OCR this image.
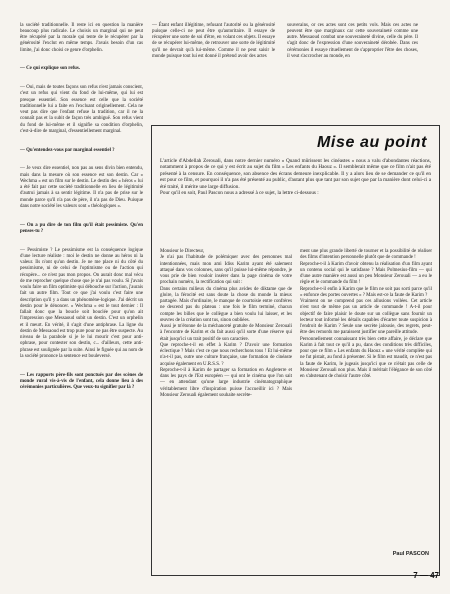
la société traditionnelle. Il reste ici en question la manière beaucoup plus radicale. Le choisis un marginal qui ne peut être récupéré par la morale qui tente de le récupérer par la générosité l'exclut en même temps. J'avais besoin d'un cas limite, j'ai donc choisi ce genre d'orphelin.

— Ce qui explique son refus.

— Oui, mais de toutes façons son refus n'est jamais conscient, c'est un refus qui vient du fond de lui-même, qui lui est presque essentiel. Son essence est celle que la société traditionnelle lui a faite en l'excluant originellement. Cela ne veut pas dire que l'enfant refuse la tradition, car il ne la connaît pas et la subit de façon très ambiguë. Son refus vient du fond de lui-même et il signifie sa condition d'orphelin, c'est-à-dire de marginal, d'essentiellement marginal.

— Qu'entendez-vous par marginal essentiel ?

— Je veux dire essentiel, non pas au sens divin bien entendu, mais dans la mesure où son essence est son destin. Car « Wechma » est un film sur le destin. Le destin des « héros » lui a été fait par cette société traditionnelle en lieu de légitimité d'autrui jamais à sa sentir légitime. Il n'a pas de prise sur le monde parce qu'il n'a pas de père, il n'a pas de Dieu. Puisque dans notre société les valeurs sont « théologiques ».

— On a pu dire de ton film qu'il était pessimiste. Qu'en penses-tu ?

— Pessimiste ? Le pessimisme est la conséquence logique d'une lecture réaliste : moi le destin ne donne au héros ni la valeur. Ils n'ont qu'un destin. Je ne me place ni du côté du pessimisme, ni de celui de l'optimisme ou de l'action qui récupère... ce n'est pas mon propos. On aurait donc mal vécu de me reprocher quelque chose que je n'ai pas voulu. Si j'avais voulu faire un film optimiste qui débouche sur l'action, j'aurais fait un autre film. Tout ce que j'ai voulu c'est faire une description qu'il y a dans un phénomène-logique. J'ai décrit un destin pour le dénoncer. « Wechma » est le tout dernier : Il fallait donc que la boucle soit bouclée pour qu'on ait l'impression que Messaoud subit un destin. C'est un orphelin et il meurt. En vérité, il s'agit d'une antiphrase. La ligne du destin de Messaoud est trop pure pour ne pas être suspecte. Au niveau de la parabole si je le lui mourir c'est pour anti-ophrase, pour contester son destin, c... d'ailleurs, cette anti-phrase est soulignée par la suite. Ainsi le figuée qui au nom de la société prononce la sentence est bouleversé.

— Les rapports père-fils sont ponctués par des scènes de monde rural vis-à-vis de l'enfant, cela donne lieu à des cérémonies particulières. Que veux-tu signifier par là ?

— Étant enfant illégitime, refusant l'autorité ou la générosité puisque celle-ci ne peut être qu'autoritaire. Il essaye de récupérer une sorte de soi d'être, en volant ces objets. Il essaye de se récupérer lui-même, de retrouver une sorte de légitimité qu'il ne devrait qu'à lui-même. Comme il ne peut saisir le monde puisque tout lui est donné il prétend avoir des actes

souverains, or ces actes sont ces petits vols. Mais ces actes ne peuvent être que marginaux car cette souveraineté comme une autre. Messaoud combat une souveraineté divine, celle du père. Il s'agit donc de l'expression d'une souveraineté dérobée. Dans ces cérémonies il essaye rituellement de s'approprier l'être des choses, il veut s'accrocher au monde, en

Mise au point
L'article d'Abdellah Zerouali, dans notre dernier numéro « Quand mûrissent les cinéastes » nous a valu d'abondantes réactions, notamment à propos de ce qui y est écrit au sujet du film « Les enfants du Haouz ». Il semblerait même que ce film n'ait pas été présenté à la censure. En conséquence, son absence des écrans demeure inexplicable. Il y a alors lieu de se demander ce qu'il en est pour ce film, et pourquoi il n'a pas été présenté au public, d'autant plus que tant par son sujet que par la manière dont celui-ci a été traité, il mérite une large diffusion.
Pour qu'il en soit, Paul Pascon nous a adressé à ce sujet, la lettre ci-dessous :
Monsieur le Directeur,
Je n'ai pas l'habitude de polémiquer avec des personnes mal intentionnées, mais mon ami Idiss Karim ayant été salement attaqué dans vos colonnes, sans qu'il puisse lui-même répondre, je vous prie de bien vouloir insérer dans la page cinéma de votre prochain numéro, la rectification qui suit :
Dans certains milieux du cinéma plus avides de diktame que de gloire, la férocité est sans doute la chose du monde la mieux partagée. Mais d'ordinaire, le manque de courtoisie entre confrères ne descend pas du plateau : une fois le film terminé, chacun compte les billes que le collègue a bien voulu lui laisser, et les œuvres de la création sont tus, sinon oubliées.
Aussi je m'étonne de la méchanceté gratuite de Monsieur Zerouali à l'encontre de Karim et du fait aussi qu'il sorte d'une réserve qui était jusqu'ici un trait positif de son caractère.
Que reproche-t-il en effet à Karim ? D'avoir une formation éclectique ? Mais c'est ce que nous recherchons tous ! Et lui-même n'a-t-il pas, outre une culture française, une formation de cinéaste acquise également en U.R.S.S. ?
Reproche-t-il à Karim de partager sa formation en Angleterre et dans les pays de l'Est européen — qui ont le cinéma que l'on sait — en attendant qu'une large industrie cinématographique véritablement libre d'inspiration puisse l'accueillir ici ? Mais Monsieur Zerouali également souhaite secrète-
ment une plus grande liberté de tourner et la possibilité de réaliser des films d'intention personnelle plutôt que de commande !
Reproche-t-il à Karim d'avoir obtenu la réalisation d'un film ayant un contenu social qui le satisfasse ? Mais Polmesius-film — qui d'une autre manière est aussi un peu Monsieur Zerouali — a eu le règle et le commande du film !
Reproche-t-il enfin à Karim que le film ne soit pas sorti parce qu'il « enfonce des portes ouvertes » ? Mais est-ce la faute de Karim ?
Vraiment on ne comprend pas ces allusions voilées. Cet article n'est tout de même pas un article de commande ! A-t-il pour objectif de faire plaisir le doute sur un collègue sans fournir un lecteur tout informé les détails capables d'écarter toute suspicion à l'endroit de Karim ? Seule une secrète jalousie, des regrets, peut-être des remords me paraissent justifier une pareille attitude.
Personnellement connaissant très bien cette affaire, je déclare que Karim à fait tout ce qu'il a pu, dans des conditions très difficiles, pour que ce film « Les enfants du Haouz » une vérité complète qui ne fut pistait, au fond à présenter. Si le film est maudit, ce n'est pas la faute de Karim, le jugeais jusqu'ici que ce n'était pas celle de Monsieur Zerouali non plus. Mais il méritait l'élégance de son côté en s'abstenant de choisir l'autre côté.
Paul PASCON
7 — 47
